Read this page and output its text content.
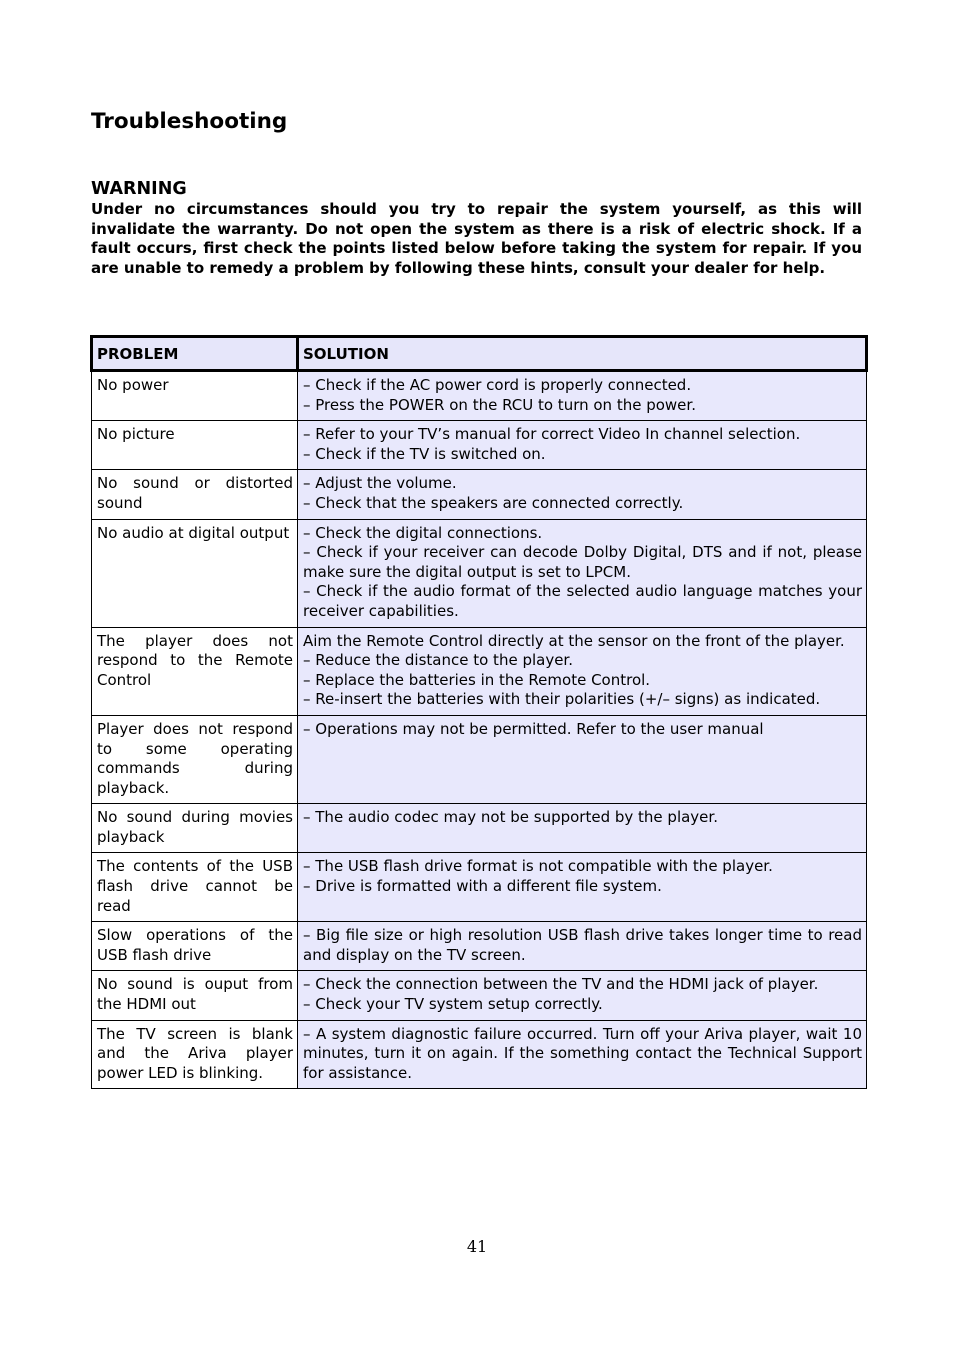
Troubleshooting
WARNING

Under no circumstances should you try to repair the system yourself, as this will invalidate the warranty. Do not open the system as there is a risk of electric shock. If a fault occurs, first check the points listed below before taking the system for repair. If you are unable to remedy a problem by following these hints, consult your dealer for help.

PROBLEM	SOLUTION
No power	– Check if the AC power cord is properly connected.
– Press the POWER on the RCU to turn on the power.

No picture	– Refer to your TV’s manual for correct Video In channel selection.
– Check if the TV is switched on.

No sound or distorted sound	– Adjust the volume.
– Check that the speakers are connected correctly.

No audio at digital output	– Check the digital connections.
– Check if your receiver can decode Dolby Digital, DTS and if not, please make sure the digital output is set to LPCM.
– Check if the audio format of the selected audio language matches your receiver capabilities.

The player does not respond to the Remote Control	Aim the Remote Control directly at the sensor on the front of the player.
– Reduce the distance to the player.
– Replace the batteries in the Remote Control.
– Re-insert the batteries with their polarities (+/– signs) as indicated.

Player does not respond to some operating commands during playback.	– Operations may not be permitted. Refer to the user manual

No sound during movies playback	– The audio codec may not be supported by the player.

The contents of the USB flash drive cannot be read	– The USB flash drive format is not compatible with the player.
– Drive is formatted with a different file system.

Slow operations of the USB flash drive	– Big file size or high resolution USB flash drive takes longer time to read and display on the TV screen.

No sound is ouput from the HDMI out	– Check the connection between the TV and the HDMI jack of player.
– Check your TV system setup correctly.

The TV screen is blank and the Ariva player power LED is blinking.	– A system diagnostic failure occurred. Turn off your Ariva player, wait 10 minutes, turn it on again. If the something contact the Technical Support for assistance.
41
